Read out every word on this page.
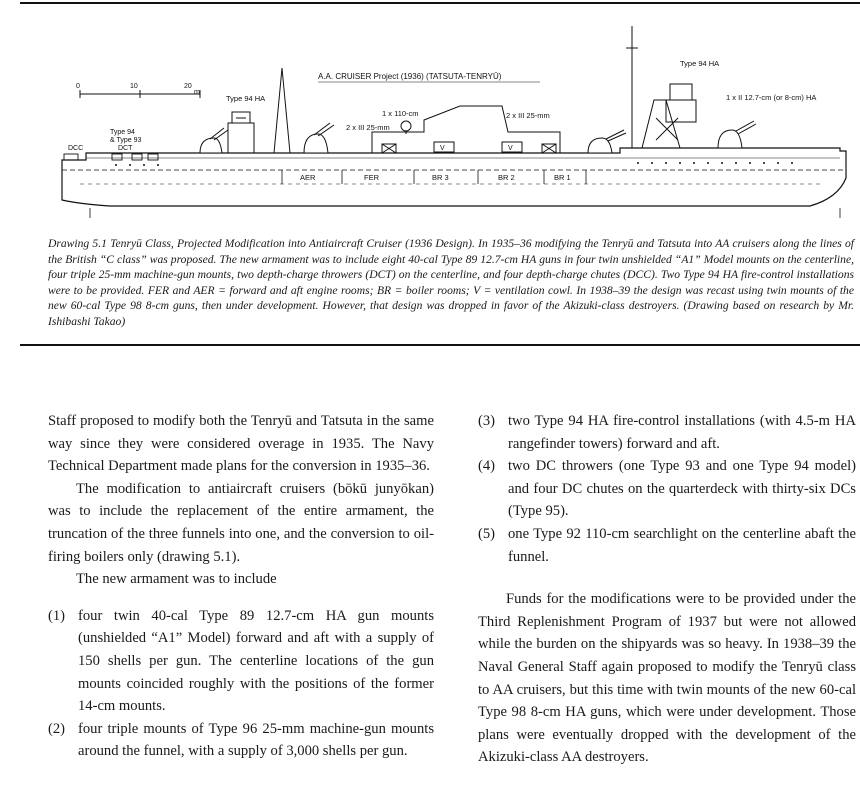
A.A. CRUISER Project (1936) (TATSUTA-TENRYŪ)
0	10	20
m
AER	FER	BR 3	BR 2	BR 1
DCC
Type 94
& Type 93
DCT
Type 94 HA
V	V
1 x 110-cm
2 x III 25-mm
2 x III 25-mm
Type 94 HA
1 x II 12.7-cm (or 8-cm) HA
Drawing 5.1 Tenryū Class, Projected Modification into Antiaircraft Cruiser (1936 Design). In 1935–36 modifying the Tenryū and Tatsuta into AA cruisers along the lines of the British “C class” was proposed. The new armament was to include eight 40-cal Type 89 12.7-cm HA guns in four twin unshielded “A1” Model mounts on the centerline, four triple 25-mm machine-gun mounts, two depth-charge throwers (DCT) on the centerline, and four depth-charge chutes (DCC). Two Type 94 HA fire-control installations were to be provided. FER and AER = forward and aft engine rooms; BR = boiler rooms; V = ventilation cowl. In 1938–39 the design was recast using twin mounts of the new 60-cal Type 98 8-cm guns, then under development. However, that design was dropped in favor of the Akizuki-class destroyers. (Drawing based on research by Mr. Ishibashi Takao)

Staff proposed to modify both the Tenryū and Tatsuta in the same way since they were considered overage in 1935. The Navy Technical Department made plans for the conversion in 1935–36.

The modification to antiaircraft cruisers (bōkū junyōkan) was to include the replacement of the entire armament, the truncation of the three funnels into one, and the conversion to oil-firing boilers only (drawing 5.1).

The new armament was to include

(1) four twin 40-cal Type 89 12.7-cm HA gun mounts (unshielded “A1” Model) forward and aft with a supply of 150 shells per gun. The centerline locations of the gun mounts coincided roughly with the positions of the former 14-cm mounts.
(2) four triple mounts of Type 96 25-mm machine-gun mounts around the funnel, with a supply of 3,000 shells per gun.
(3) two Type 94 HA fire-control installations (with 4.5-m HA rangefinder towers) forward and aft.
(4) two DC throwers (one Type 93 and one Type 94 model) and four DC chutes on the quarterdeck with thirty-six DCs (Type 95).
(5) one Type 92 110-cm searchlight on the centerline abaft the funnel.

Funds for the modifications were to be provided under the Third Replenishment Program of 1937 but were not allowed while the burden on the shipyards was so heavy. In 1938–39 the Naval General Staff again proposed to modify the Tenryū class to AA cruisers, but this time with twin mounts of the new 60-cal Type 98 8-cm HA guns, which were under development. Those plans were eventually dropped with the development of the Akizuki-class AA destroyers.
